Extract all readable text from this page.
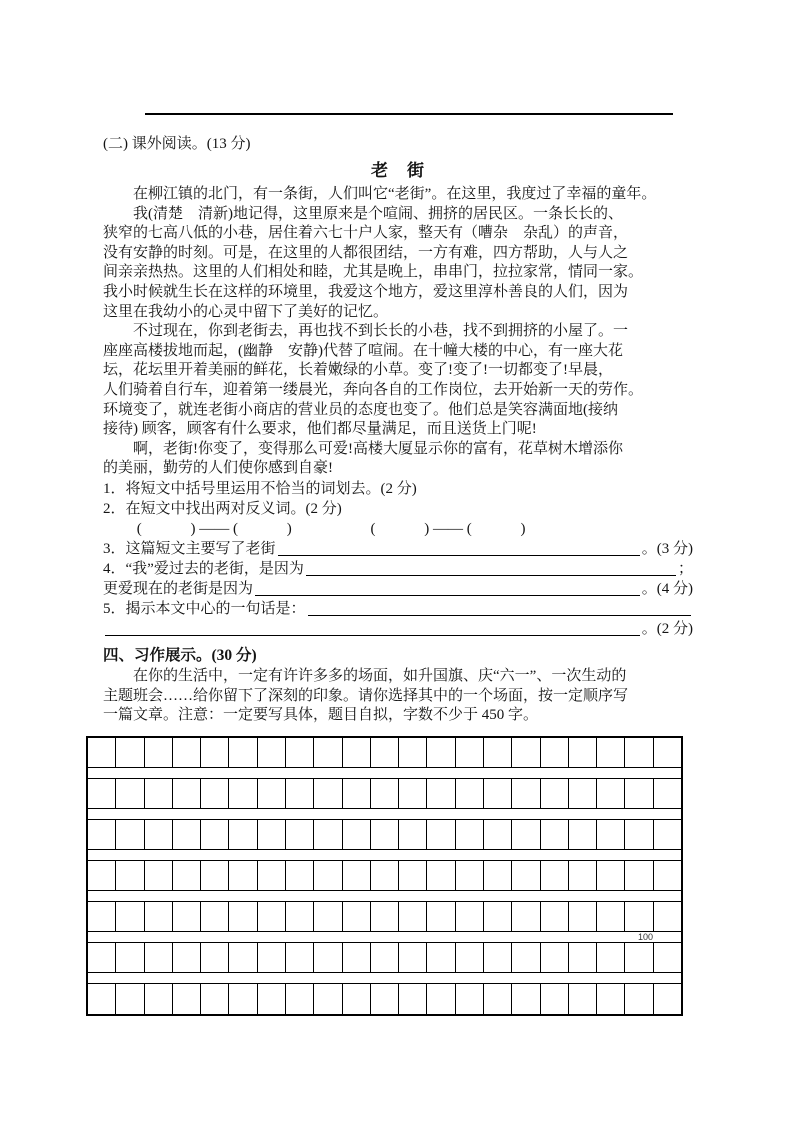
(二) 课外阅读。(13 分)
老　街
　　在柳江镇的北门，有一条街，人们叫它“老街”。在这里，我度过了幸福的童年。
　　我(清楚　清新)地记得，这里原来是个喧闹、拥挤的居民区。一条长长的、
狭窄的七高八低的小巷，居住着六七十户人家，整天有（嘈杂　杂乱）的声音，
没有安静的时刻。可是，在这里的人都很团结，一方有难，四方帮助，人与人之
间亲亲热热。这里的人们相处和睦，尤其是晚上，串串门，拉拉家常，情同一家。
我小时候就生长在这样的环境里，我爱这个地方，爱这里淳朴善良的人们，因为
这里在我幼小的心灵中留下了美好的记忆。
　　不过现在，你到老街去，再也找不到长长的小巷，找不到拥挤的小屋了。一
座座高楼拔地而起，(幽静　安静)代替了喧闹。在十幢大楼的中心，有一座大花
坛，花坛里开着美丽的鲜花，长着嫩绿的小草。变了!变了!一切都变了!早晨，
人们骑着自行车，迎着第一缕晨光，奔向各自的工作岗位，去开始新一天的劳作。
环境变了，就连老街小商店的营业员的态度也变了。他们总是笑容满面地(接纳
接待) 顾客，顾客有什么要求，他们都尽量满足，而且送货上门呢!
　　啊，老街!你变了，变得那么可爱!高楼大厦显示你的富有，花草树木增添你
的美丽，勤劳的人们使你感到自豪!
1．将短文中括号里运用不恰当的词划去。(2 分)
2．在短文中找出两对反义词。(2 分)
　　 (　　　 ) —— (　　　 )　　　　　 (　　　 ) —— (　　　 )
3．这篇短文主要写了老街	。(3 分)
4．“我”爱过去的老街，是因为	；
更爱现在的老街是因为	。(4 分)
5．揭示本文中心的一句话是：
。(2 分)
四、习作展示。(30 分)
　　在你的生活中，一定有许许多多的场面，如升国旗、庆“六一”、一次生动的
主题班会……给你留下了深刻的印象。请你选择其中的一个场面，按一定顺序写
一篇文章。注意：一定要写具体，题目自拟，字数不少于 450 字。
100
